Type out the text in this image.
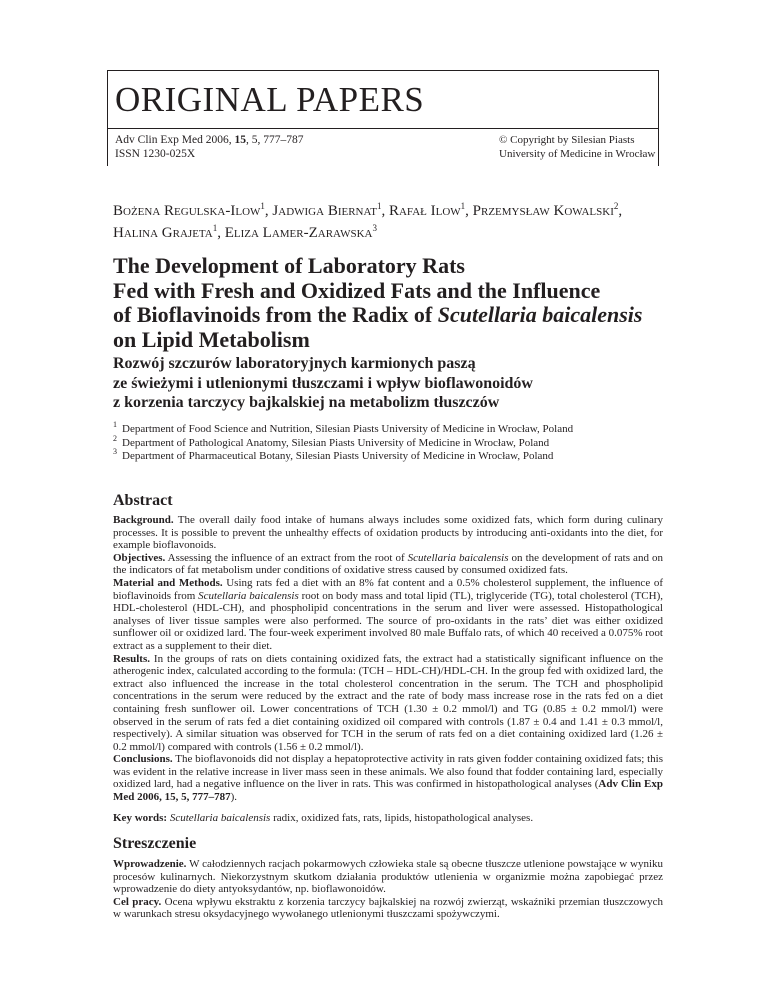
ORIGINAL PAPERS
Adv Clin Exp Med 2006, 15, 5, 777–787
ISSN 1230-025X
© Copyright by Silesian Piasts
University of Medicine in Wrocław
Bożena Regulska-Ilow$^1$, Jadwiga Biernat$^1$, Rafał Ilow$^1$, Przemysław Kowalski$^2$,
Halina Grajeta$^1$, Eliza Lamer-Zarawska$^3$
The Development of Laboratory Rats
Fed with Fresh and Oxidized Fats and the Influence
of Bioflavinoids from the Radix of Scutellaria baicalensis
on Lipid Metabolism
Rozwój szczurów laboratoryjnych karmionych paszą
ze świeżymi i utlenionymi tłuszczami i wpływ bioflawonoidów
z korzenia tarczycy bajkalskiej na metabolizm tłuszczów
$^1$ Department of Food Science and Nutrition, Silesian Piasts University of Medicine in Wrocław, Poland
$^2$ Department of Pathological Anatomy, Silesian Piasts University of Medicine in Wrocław, Poland
$^3$ Department of Pharmaceutical Botany, Silesian Piasts University of Medicine in Wrocław, Poland
Abstract

Background. The overall daily food intake of humans always includes some oxidized fats, which form during culinary processes. It is possible to prevent the unhealthy effects of oxidation products by introducing anti-oxidants into the diet, for example bioflavonoids.

Objectives. Assessing the influence of an extract from the root of Scutellaria baicalensis on the development of rats and on the indicators of fat metabolism under conditions of oxidative stress caused by consumed oxidized fats.

Material and Methods. Using rats fed a diet with an 8% fat content and a 0.5% cholesterol supplement, the influence of bioflavinoids from Scutellaria baicalensis root on body mass and total lipid (TL), triglyceride (TG), total cholesterol (TCH), HDL-cholesterol (HDL-CH), and phospholipid concentrations in the serum and liver were assessed. Histopathological analyses of liver tissue samples were also performed. The source of pro-oxidants in the rats’ diet was either oxidized sunflower oil or oxidized lard. The four-week experiment involved 80 male Buffalo rats, of which 40 received a 0.075% root extract as a supplement to their diet.

Results. In the groups of rats on diets containing oxidized fats, the extract had a statistically significant influence on the atherogenic index, calculated according to the formula: (TCH – HDL-CH)/HDL-CH. In the group fed with oxidized lard, the extract also influenced the increase in the total cholesterol concentration in the serum. The TCH and phospholipid concentrations in the serum were reduced by the extract and the rate of body mass increase rose in the rats fed on a diet containing fresh sunflower oil. Lower concentrations of TCH (1.30 ± 0.2 mmol/l) and TG (0.85 ± 0.2 mmol/l) were observed in the serum of rats fed a diet containing oxidized oil compared with controls (1.87 ± 0.4 and 1.41 ± 0.3 mmol/l, respectively). A similar situation was observed for TCH in the serum of rats fed on a diet containing oxidized lard (1.26 ± 0.2 mmol/l) compared with controls (1.56 ± 0.2 mmol/l).

Conclusions. The bioflavonoids did not display a hepatoprotective activity in rats given fodder containing oxidized fats; this was evident in the relative increase in liver mass seen in these animals. We also found that fodder containing lard, especially oxidized lard, had a negative influence on the liver in rats. This was confirmed in histopathological analyses (Adv Clin Exp Med 2006, 15, 5, 777–787).

Key words: Scutellaria baicalensis radix, oxidized fats, rats, lipids, histopathological analyses.
Streszczenie

Wprowadzenie. W całodziennych racjach pokarmowych człowieka stale są obecne tłuszcze utlenione powstające w wyniku procesów kulinarnych. Niekorzystnym skutkom działania produktów utlenienia w organizmie można zapobiegać przez wprowadzenie do diety antyoksydantów, np. bioflawonoidów.

Cel pracy. Ocena wpływu ekstraktu z korzenia tarczycy bajkalskiej na rozwój zwierząt, wskaźniki przemian tłuszczowych w warunkach stresu oksydacyjnego wywołanego utlenionymi tłuszczami spożywczymi.
